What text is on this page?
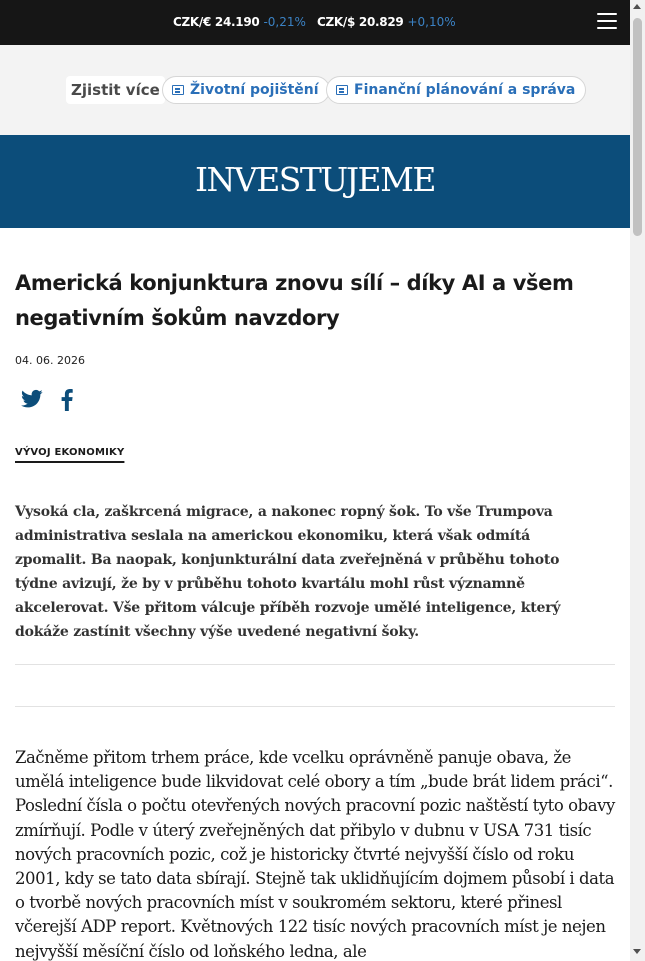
CZK/€ 24.190 -0,21% CZK/$ 20.829 +0,10%
Zjistit více	Životní pojištění	Finanční plánování a správa
INVESTUJEME
Americká konjunktura znovu sílí – díky AI a všem negativním šokům navzdory
04. 06. 2026
VÝVOJ EKONOMIKY

Vysoká cla, zaškrcená migrace, a nakonec ropný šok. To vše Trumpova administrativa seslala na americkou ekonomiku, která však odmítá zpomalit. Ba naopak, konjunkturální data zveřejněná v průběhu tohoto týdne avizují, že by v průběhu tohoto kvartálu mohl růst významně akcelerovat. Vše přitom válcuje příběh rozvoje umělé inteligence, který dokáže zastínit všechny výše uvedené negativní šoky.

Začněme přitom trhem práce, kde vcelku oprávněně panuje obava, že umělá inteligence bude likvidovat celé obory a tím „bude brát lidem práci“. Poslední čísla o počtu otevřených nových pracovní pozic naštěstí tyto obavy zmírňují. Podle v úterý zveřejněných dat přibylo v dubnu v USA 731 tisíc nových pracovních pozic, což je historicky čtvrté nejvyšší číslo od roku 2001, kdy se tato data sbírají. Stejně tak uklidňujícím dojmem působí i data o tvorbě nových pracovních míst v soukromém sektoru, které přinesl včerejší ADP report. Květnových 122 tisíc nových pracovních míst je nejen nejvyšší měsíční číslo od loňského ledna, ale
